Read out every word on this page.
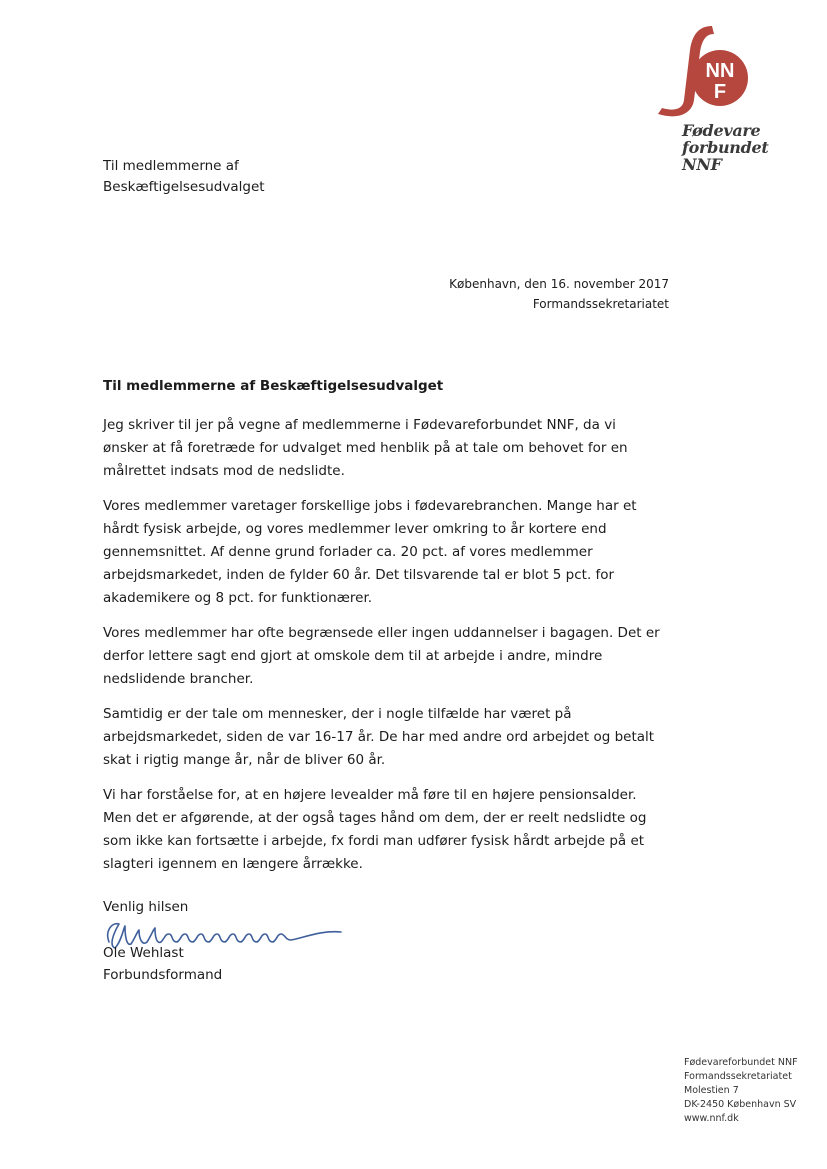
NN
F
Fødevare
forbundet
NNF
Til medlemmerne af
Beskæftigelsesudvalget
København, den 16. november 2017
Formandssekretariatet
Til medlemmerne af Beskæftigelsesudvalget

Jeg skriver til jer på vegne af medlemmerne i Fødevareforbundet NNF, da vi ønsker at få foretræde for udvalget med henblik på at tale om behovet for en målrettet indsats mod de nedslidte.

Vores medlemmer varetager forskellige jobs i fødevarebranchen. Mange har et hårdt fysisk arbejde, og vores medlemmer lever omkring to år kortere end gennemsnittet. Af denne grund forlader ca. 20 pct. af vores medlemmer arbejdsmarkedet, inden de fylder 60 år. Det tilsvarende tal er blot 5 pct. for akademikere og 8 pct. for funktionærer.

Vores medlemmer har ofte begrænsede eller ingen uddannelser i bagagen. Det er derfor lettere sagt end gjort at omskole dem til at arbejde i andre, mindre nedslidende brancher.

Samtidig er der tale om mennesker, der i nogle tilfælde har været på arbejdsmarkedet, siden de var 16-17 år. De har med andre ord arbejdet og betalt skat i rigtig mange år, når de bliver 60 år.

Vi har forståelse for, at en højere levealder må føre til en højere pensionsalder. Men det er afgørende, at der også tages hånd om dem, der er reelt nedslidte og som ikke kan fortsætte i arbejde, fx fordi man udfører fysisk hårdt arbejde på et slagteri igennem en længere årrække.

Venlig hilsen
Ole Wehlast
Forbundsformand
Fødevareforbundet NNF
Formandssekretariatet
Molestien 7
DK-2450 København SV
www.nnf.dk
